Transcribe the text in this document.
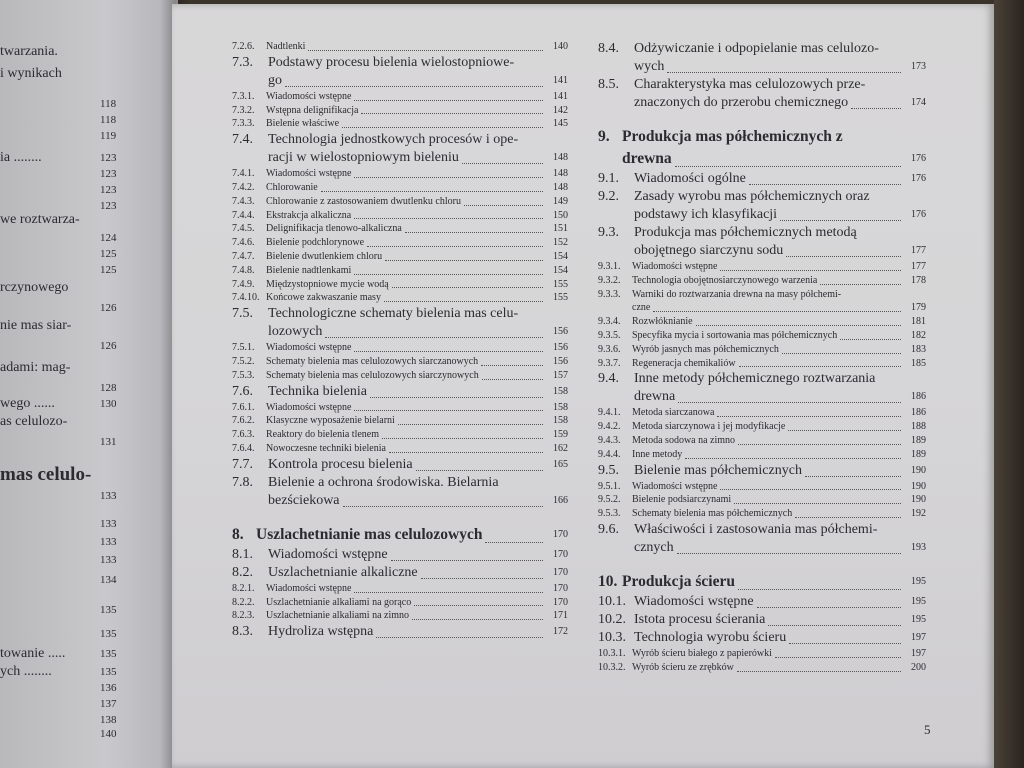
twarzania.
i wynikach
118
118
119
ia ........	123
123
123
123
we roztwarza-
124
125
125
rczynowego
126
nie mas siar-
126
adami: mag-
128
wego ......	130
as celulozo-
131
mas celulo-
133
133
133
133
134
135
135
towanie .....	135
ych ........	135
136
137
138
140
7.2.6.	Nadtlenki	140
7.3.	Podstawy procesu bielenia wielostopniowe-
go	141
7.3.1.	Wiadomości wstępne	141
7.3.2.	Wstępna delignifikacja	142
7.3.3.	Bielenie właściwe	145
7.4.	Technologia jednostkowych procesów i ope-
racji w wielostopniowym bieleniu	148
7.4.1.	Wiadomości wstępne	148
7.4.2.	Chlorowanie	148
7.4.3.	Chlorowanie z zastosowaniem dwutlenku chloru	149
7.4.4.	Ekstrakcja alkaliczna	150
7.4.5.	Delignifikacja tlenowo-alkaliczna	151
7.4.6.	Bielenie podchlorynowe	152
7.4.7.	Bielenie dwutlenkiem chloru	154
7.4.8.	Bielenie nadtlenkami	154
7.4.9.	Międzystopniowe mycie wodą	155
7.4.10. Końcowe zakwaszanie masy	155
7.5.	Technologiczne schematy bielenia mas celu-
lozowych	156
7.5.1.	Wiadomości wstępne	156
7.5.2.	Schematy bielenia mas celulozowych siarczanowych	156
7.5.3.	Schematy bielenia mas celulozowych siarczynowych	157
7.6.	Technika bielenia	158
7.6.1.	Wiadomości wstępne	158
7.6.2.	Klasyczne wyposażenie bielarni	158
7.6.3.	Reaktory do bielenia tlenem	159
7.6.4.	Nowoczesne techniki bielenia	162
7.7.	Kontrola procesu bielenia	165
7.8.	Bielenie a ochrona środowiska. Bielarnia
bezściekowa	166
8. Uszlachetnianie mas celulozowych	170
8.1.	Wiadomości wstępne	170
8.2.	Uszlachetnianie alkaliczne	170
8.2.1.	Wiadomości wstępne	170
8.2.2.	Uszlachetnianie alkaliami na gorąco	170
8.2.3.	Uszlachetnianie alkaliami na zimno	171
8.3.	Hydroliza wstępna	172
8.4.	Odżywiczanie i odpopielanie mas celulozo-
wych	173
8.5.	Charakterystyka mas celulozowych prze-
znaczonych do przerobu chemicznego	174
9. Produkcja mas półchemicznych z
drewna	176
9.1.	Wiadomości ogólne	176
9.2.	Zasady wyrobu mas półchemicznych oraz
podstawy ich klasyfikacji	176
9.3.	Produkcja mas półchemicznych metodą
obojętnego siarczynu sodu	177
9.3.1.	Wiadomości wstępne	177
9.3.2.	Technologia obojętnosiarczynowego warzenia	178
9.3.3.	Warniki do roztwarzania drewna na masy półchemi-
czne	179
9.3.4.	Rozwłóknianie	181
9.3.5.	Specyfika mycia i sortowania mas półchemicznych	182
9.3.6.	Wyrób jasnych mas półchemicznych	183
9.3.7.	Regeneracja chemikaliów	185
9.4.	Inne metody półchemicznego roztwarzania
drewna	186
9.4.1.	Metoda siarczanowa	186
9.4.2.	Metoda siarczynowa i jej modyfikacje	188
9.4.3.	Metoda sodowa na zimno	189
9.4.4.	Inne metody	189
9.5.	Bielenie mas półchemicznych	190
9.5.1.	Wiadomości wstępne	190
9.5.2.	Bielenie podsiarczynami	190
9.5.3.	Schematy bielenia mas półchemicznych	192
9.6.	Właściwości i zastosowania mas półchemi-
cznych	193
10. Produkcja ścieru	195
10.1. Wiadomości wstępne	195
10.2. Istota procesu ścierania	195
10.3. Technologia wyrobu ścieru	197
10.3.1. Wyrób ścieru białego z papierówki	197
10.3.2. Wyrób ścieru ze zrębków	200
5
